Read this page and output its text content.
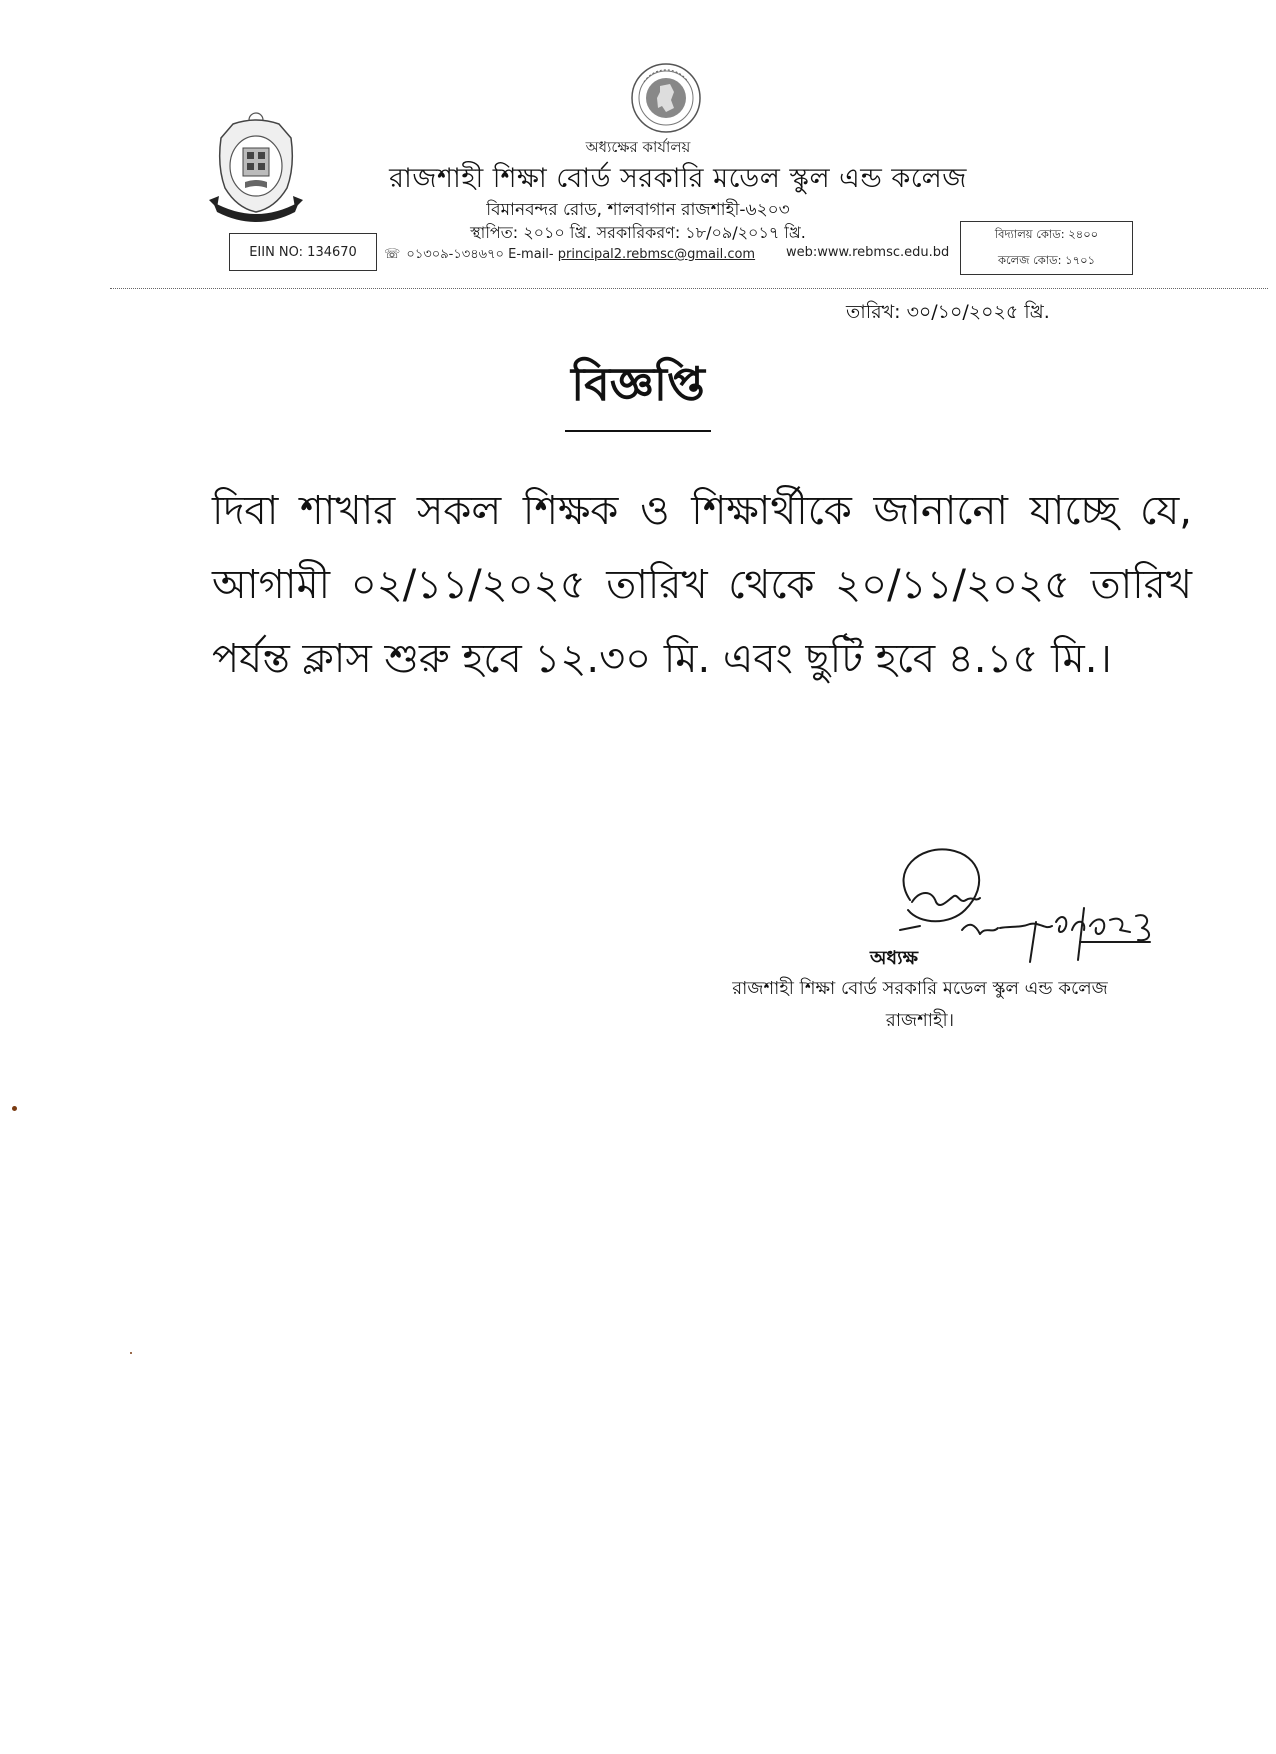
অধ্যক্ষের কার্যালয়
রাজশাহী শিক্ষা বোর্ড সরকারি মডেল স্কুল এন্ড কলেজ
বিমানবন্দর রোড, শালবাগান রাজশাহী-৬২০৩
স্থাপিত: ২০১০ খ্রি. সরকারিকরণ: ১৮/০৯/২০১৭ খ্রি.
EIIN NO: 134670 ☏ ০১৩০৯-১৩৪৬৭০ E-mail- principal2.rebmsc@gmail.com web:www.rebmsc.edu.bd
বিদ্যালয় কোড: ২৪০০
কলেজ কোড: ১৭০১
তারিখ: ৩০/১০/২০২৫ খ্রি.
বিজ্ঞপ্তি
দিবা শাখার সকল শিক্ষক ও শিক্ষার্থীকে জানানো যাচ্ছে যে, আগামী ০২/১১/২০২৫ তারিখ থেকে ২০/১১/২০২৫ তারিখ পর্যন্ত ক্লাস শুরু হবে ১২.৩০ মি. এবং ছুটি হবে ৪.১৫ মি.।
৩০/১০/২০২৫
অধ্যক্ষ
রাজশাহী শিক্ষা বোর্ড সরকারি মডেল স্কুল এন্ড কলেজ
রাজশাহী।
